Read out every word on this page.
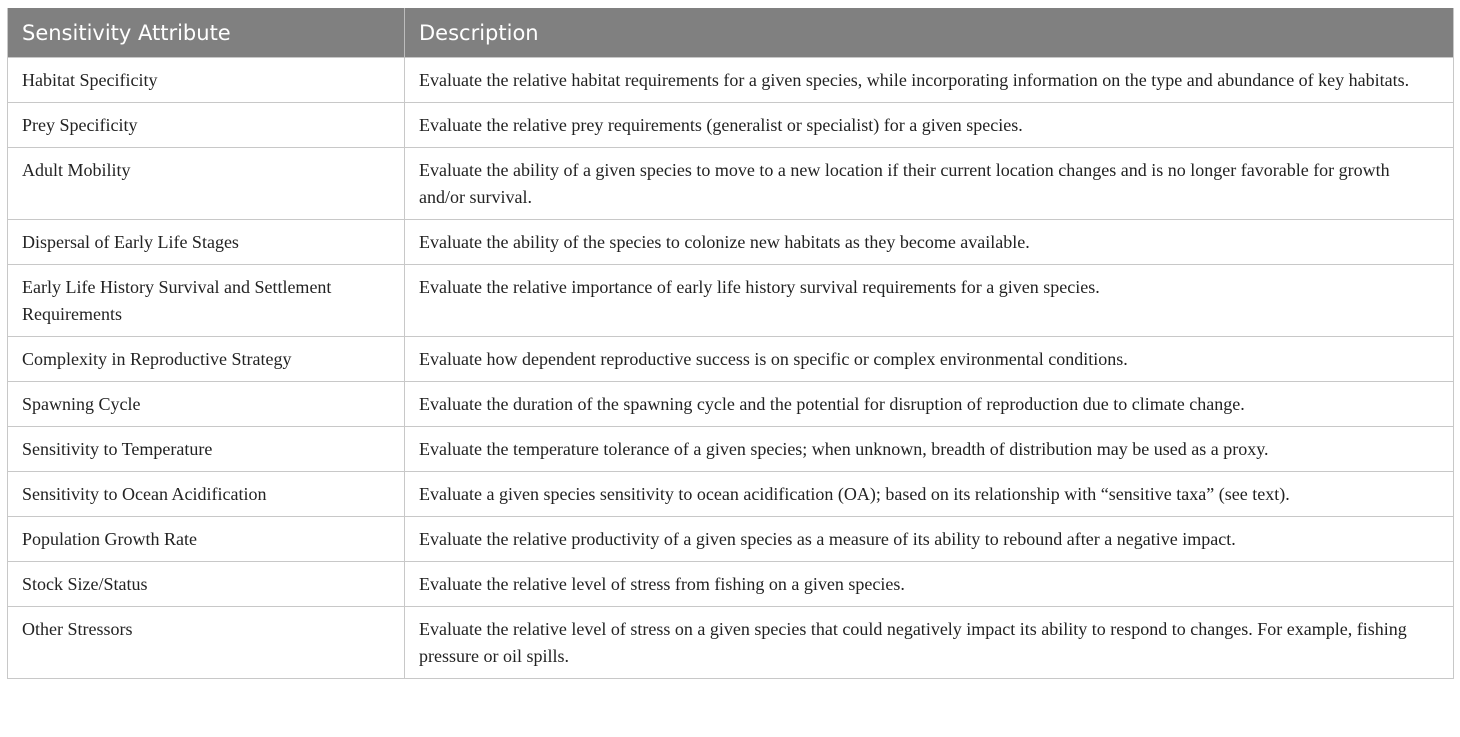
Sensitivity Attribute	Description
Habitat Specificity	Evaluate the relative habitat requirements for a given species, while incorporating information on the type and abundance of key habitats.
Prey Specificity	Evaluate the relative prey requirements (generalist or specialist) for a given species.
Adult Mobility	Evaluate the ability of a given species to move to a new location if their current location changes and is no longer favorable for growth and/or survival.
Dispersal of Early Life Stages	Evaluate the ability of the species to colonize new habitats as they become available.
Early Life History Survival and Settlement Requirements	Evaluate the relative importance of early life history survival requirements for a given species.
Complexity in Reproductive Strategy	Evaluate how dependent reproductive success is on specific or complex environmental conditions.
Spawning Cycle	Evaluate the duration of the spawning cycle and the potential for disruption of reproduction due to climate change.
Sensitivity to Temperature	Evaluate the temperature tolerance of a given species; when unknown, breadth of distribution may be used as a proxy.
Sensitivity to Ocean Acidification	Evaluate a given species sensitivity to ocean acidification (OA); based on its relationship with “sensitive taxa” (see text).
Population Growth Rate	Evaluate the relative productivity of a given species as a measure of its ability to rebound after a negative impact.
Stock Size/Status	Evaluate the relative level of stress from fishing on a given species.
Other Stressors	Evaluate the relative level of stress on a given species that could negatively impact its ability to respond to changes. For example, fishing pressure or oil spills.
